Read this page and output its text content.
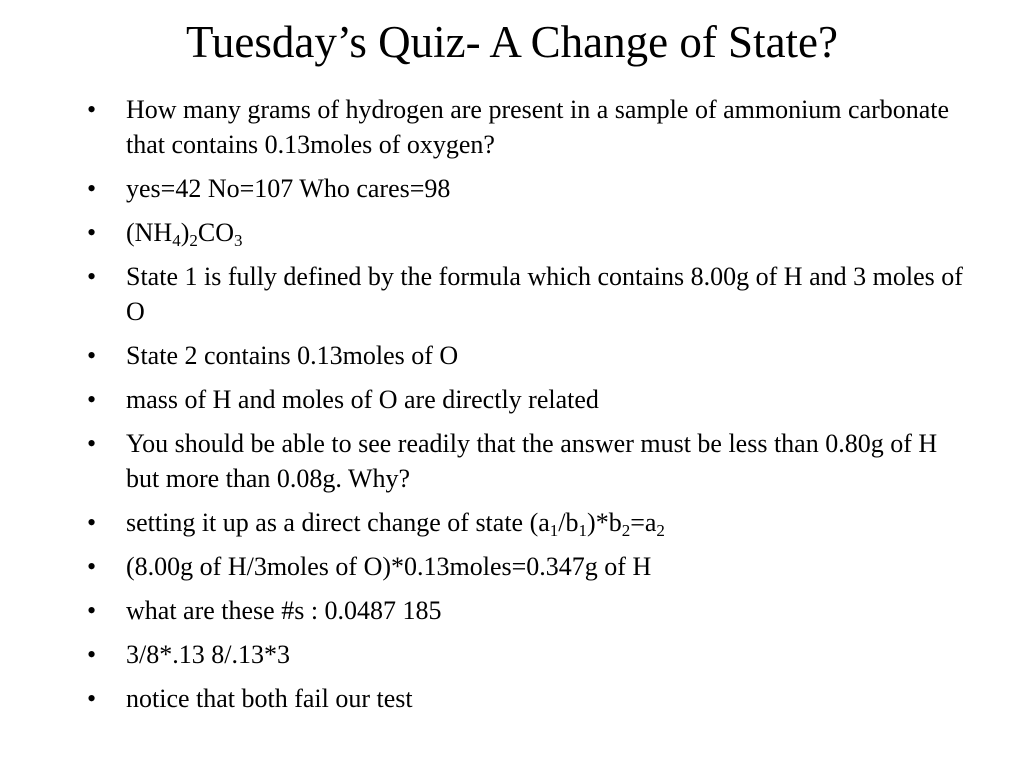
Tuesday’s Quiz- A Change of State?
• How many grams of hydrogen are present in a sample of ammonium carbonate that contains 0.13moles of oxygen?
• yes=42 No=107 Who cares=98
• $(NH_4)_2CO_3$
• State 1 is fully defined by the formula which contains 8.00g of H and 3 moles of O
• State 2 contains 0.13moles of O
• mass of H and moles of O are directly related
• You should be able to see readily that the answer must be less than 0.80g of H but more than 0.08g. Why?
• setting it up as a direct change of state $(a_1/b_1)*b_2=a_2$
• (8.00g of H/3moles of O)*0.13moles=0.347g of H
• what are these #s : 0.0487 185
• 3/8*.13 8/.13*3
• notice that both fail our test
